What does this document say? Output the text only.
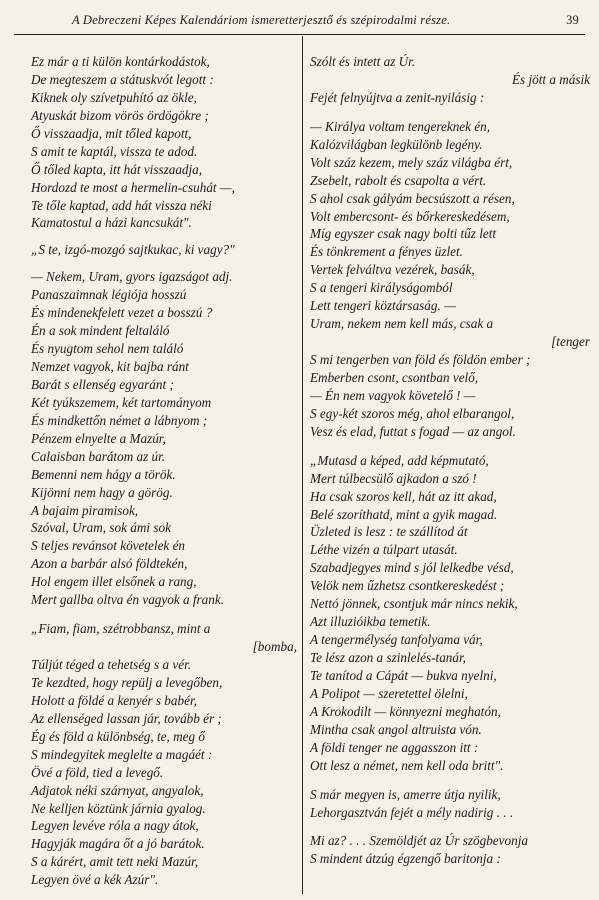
A Debreczeni Képes Kalendáriom ismeretterjesztő és szépirodalmi része.	39
Ez már a ti külön kontárkodástok,
De megteszem a státuskvót legott :
Kiknek oly szívetpuhító az ökle,
Atyuskát bizom vörös ördögökre ;
Ő visszaadja, mit tőled kapott,
S amit te kaptál, vissza te adod.
Ő tőled kapta, itt hát visszaadja,
Hordozd te most a hermelin-csuhát —,
Te tőle kaptad, add hát vissza néki
Kamatostul a házi kancsukát".
„S te, izgó-mozgó sajtkukac, ki vagy?"
— Nekem, Uram, gyors igazságot adj.
Panaszaimnak légiója hosszú
És mindenekfelett vezet a bosszú ?
Én a sok mindent feltaláló
És nyugtom sehol nem találó
Nemzet vagyok, kit bajba ránt
Barát s ellenség egyaránt ;
Két tyúkszemem, két tartományom
És mindkettőn német a lábnyom ;
Pénzem elnyelte a Mazúr,
Calaisban barátom az úr.
Bemenni nem hágy a török.
Kijönni nem hagy a görög.
A bajaim piramisok,
Szóval, Uram, sok ámi sok
S teljes revánsot követelek én
Azon a barbár alsó földtekén,
Hol engem illet elsőnek a rang,
Mert gallba oltva én vagyok a frank.
„Fiam, fiam, szétrobbansz, mint a
[bomba,
Túljút téged a tehetség s a vér.
Te kezdted, hogy repülj a levegőben,
Holott a földé a kenyér s babér,
Az ellenséged lassan jár, tovább ér ;
Ég és föld a különbség, te, meg ő
S mindegyitek meglelte a magáét :
Övé a föld, tied a levegő.
Adjatok néki szárnyat, angyalok,
Ne kelljen köztünk járnia gyalog.
Legyen levéve róla a nagy átok,
Hagyják magára őt a jó barátok.
S a kárért, amit tett neki Mazúr,
Legyen övé a kék Azúr".
Szólt és intett az Úr.
És jött a másik
Fejét felnyújtva a zenit-nyilásig :
— Királya voltam tengereknek én,
Kalózvilágban legkülönb legény.
Volt száz kezem, mely száz világba ért,
Zsebelt, rabolt és csapolta a vért.
S ahol csak gályám becsúszott a résen,
Volt embercsont- és bőrkereskedésem,
Míg egyszer csak nagy bolti tűz lett
És tönkrement a fényes üzlet.
Vertek felváltva vezérek, basák,
S a tengeri királyságomból
Lett tengeri köztársaság. —
Uram, nekem nem kell más, csak a
[tenger
S mi tengerben van föld és földön ember ;
Emberben csont, csontban velő,
— Én nem vagyok követelő ! —
S egy-két szoros még, ahol elbarangol,
Vesz és elad, futtat s fogad — az angol.
„Mutasd a képed, add képmutató,
Mert túlbecsülő ajkadon a szó !
Ha csak szoros kell, hát az itt akad,
Belé szoríthatd, mint a gyik magad.
Üzleted is lesz : te szállítod át
Léthe vizén a túlpart utasát.
Szabadjegyes mind s jól lelkedbe vésd,
Velök nem űzhetsz csontkereskedést ;
Nettó jönnek, csontjuk már nincs nekik,
Azt illuzióikba temetik.
A tengermélység tanfolyama vár,
Te lész azon a szinlelés-tanár,
Te tanítod a Cápát — bukva nyelni,
A Polipot — szeretettel ölelni,
A Krokodilt — könnyezni meghatón,
Mintha csak angol altruista vón.
A földi tenger ne aggasszon itt :
Ott lesz a német, nem kell oda britt".
S már megyen is, amerre útja nyilik,
Lehorgasztván fejét a mély nadirig . . .
Mi az? . . . Szemöldjét az Úr szögbevonja
S mindent átzúg égzengő baritonja :
